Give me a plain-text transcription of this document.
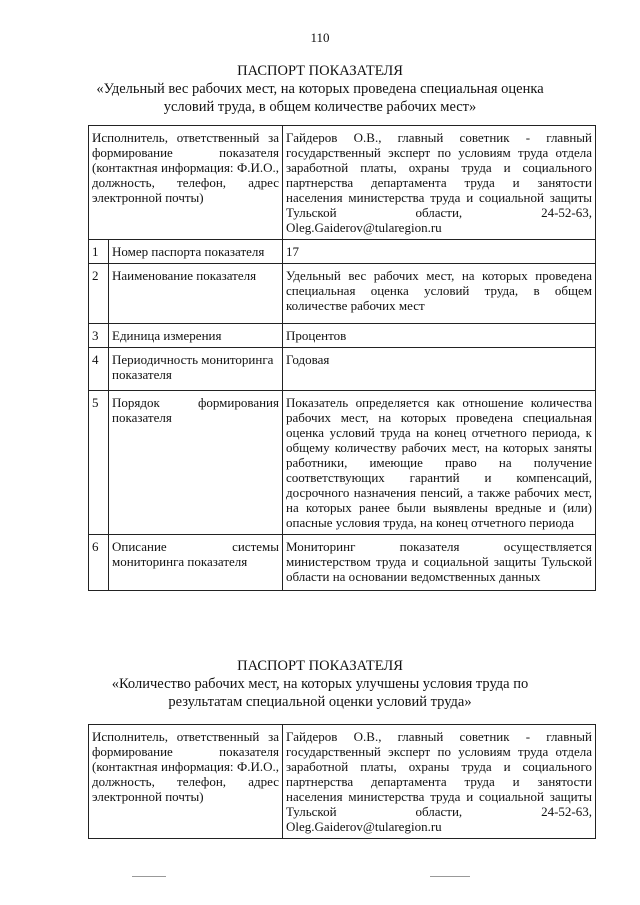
110
ПАСПОРТ ПОКАЗАТЕЛЯ
«Удельный вес рабочих мест, на которых проведена специальная оценка
условий труда, в общем количестве рабочих мест»
Исполнитель, ответственный за формирование показателя (контактная информация: Ф.И.О., должность, телефон, адрес электронной почты)		Гайдеров О.В., главный советник - главный государственный эксперт по условиям труда отдела заработной платы, охраны труда и социального партнерства департамента труда и занятости населения министерства труда и социальной защиты Тульской области, 24-52-63, Oleg.Gaiderov@tularegion.ru
1	Номер паспорта показателя	17
2	Наименование показателя	Удельный вес рабочих мест, на которых проведена специальная оценка условий труда, в общем количестве рабочих мест
3	Единица измерения	Процентов
4	Периодичность мониторинга показателя	Годовая
5	Порядок формирования показателя	Показатель определяется как отношение количества рабочих мест, на которых проведена специальная оценка условий труда на конец отчетного периода, к общему количеству рабочих мест, на которых заняты работники, имеющие право на получение соответствующих гарантий и компенсаций, досрочного назначения пенсий, а также рабочих мест, на которых ранее были выявлены вредные и (или) опасные условия труда, на конец отчетного периода
6	Описание системы мониторинга показателя	Мониторинг показателя осуществляется министерством труда и социальной защиты Тульской области на основании ведомственных данных
ПАСПОРТ ПОКАЗАТЕЛЯ
«Количество рабочих мест, на которых улучшены условия труда по
результатам специальной оценки условий труда»
Исполнитель, ответственный за формирование показателя (контактная информация: Ф.И.О., должность, телефон, адрес электронной почты)	Гайдеров О.В., главный советник - главный государственный эксперт по условиям труда отдела заработной платы, охраны труда и социального партнерства департамента труда и занятости населения министерства труда и социальной защиты Тульской области, 24-52-63, Oleg.Gaiderov@tularegion.ru
